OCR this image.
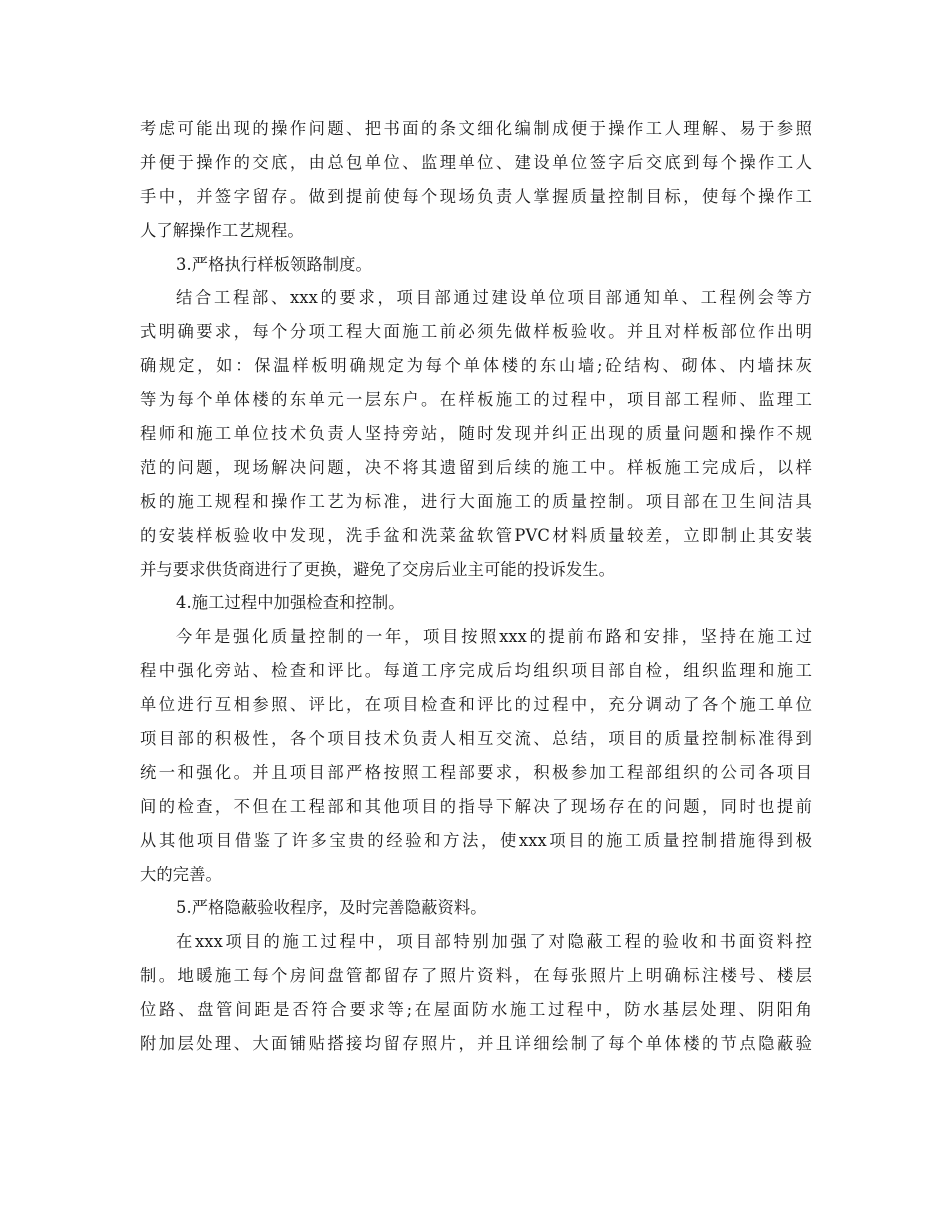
考虑可能出现的操作问题、把书面的条文细化编制成便于操作工人理解、易于参照
并便于操作的交底，由总包单位、监理单位、建设单位签字后交底到每个操作工人
手中，并签字留存。做到提前使每个现场负责人掌握质量控制目标，使每个操作工
人了解操作工艺规程。
3.严格执行样板领路制度。
结合工程部、xxx的要求，项目部通过建设单位项目部通知单、工程例会等方
式明确要求，每个分项工程大面施工前必须先做样板验收。并且对样板部位作出明
确规定，如：保温样板明确规定为每个单体楼的东山墙;砼结构、砌体、内墙抹灰
等为每个单体楼的东单元一层东户。在样板施工的过程中，项目部工程师、监理工
程师和施工单位技术负责人坚持旁站，随时发现并纠正出现的质量问题和操作不规
范的问题，现场解决问题，决不将其遗留到后续的施工中。样板施工完成后，以样
板的施工规程和操作工艺为标准，进行大面施工的质量控制。项目部在卫生间洁具
的安装样板验收中发现，洗手盆和洗菜盆软管PVC材料质量较差，立即制止其安装
并与要求供货商进行了更换，避免了交房后业主可能的投诉发生。
4.施工过程中加强检查和控制。
今年是强化质量控制的一年，项目按照xxx的提前布路和安排，坚持在施工过
程中强化旁站、检查和评比。每道工序完成后均组织项目部自检，组织监理和施工
单位进行互相参照、评比，在项目检查和评比的过程中，充分调动了各个施工单位
项目部的积极性，各个项目技术负责人相互交流、总结，项目的质量控制标准得到
统一和强化。并且项目部严格按照工程部要求，积极参加工程部组织的公司各项目
间的检查，不但在工程部和其他项目的指导下解决了现场存在的问题，同时也提前
从其他项目借鉴了许多宝贵的经验和方法，使xxx项目的施工质量控制措施得到极
大的完善。
5.严格隐蔽验收程序，及时完善隐蔽资料。
在xxx项目的施工过程中，项目部特别加强了对隐蔽工程的验收和书面资料控
制。地暖施工每个房间盘管都留存了照片资料，在每张照片上明确标注楼号、楼层
位路、盘管间距是否符合要求等;在屋面防水施工过程中，防水基层处理、阴阳角
附加层处理、大面铺贴搭接均留存照片，并且详细绘制了每个单体楼的节点隐蔽验
